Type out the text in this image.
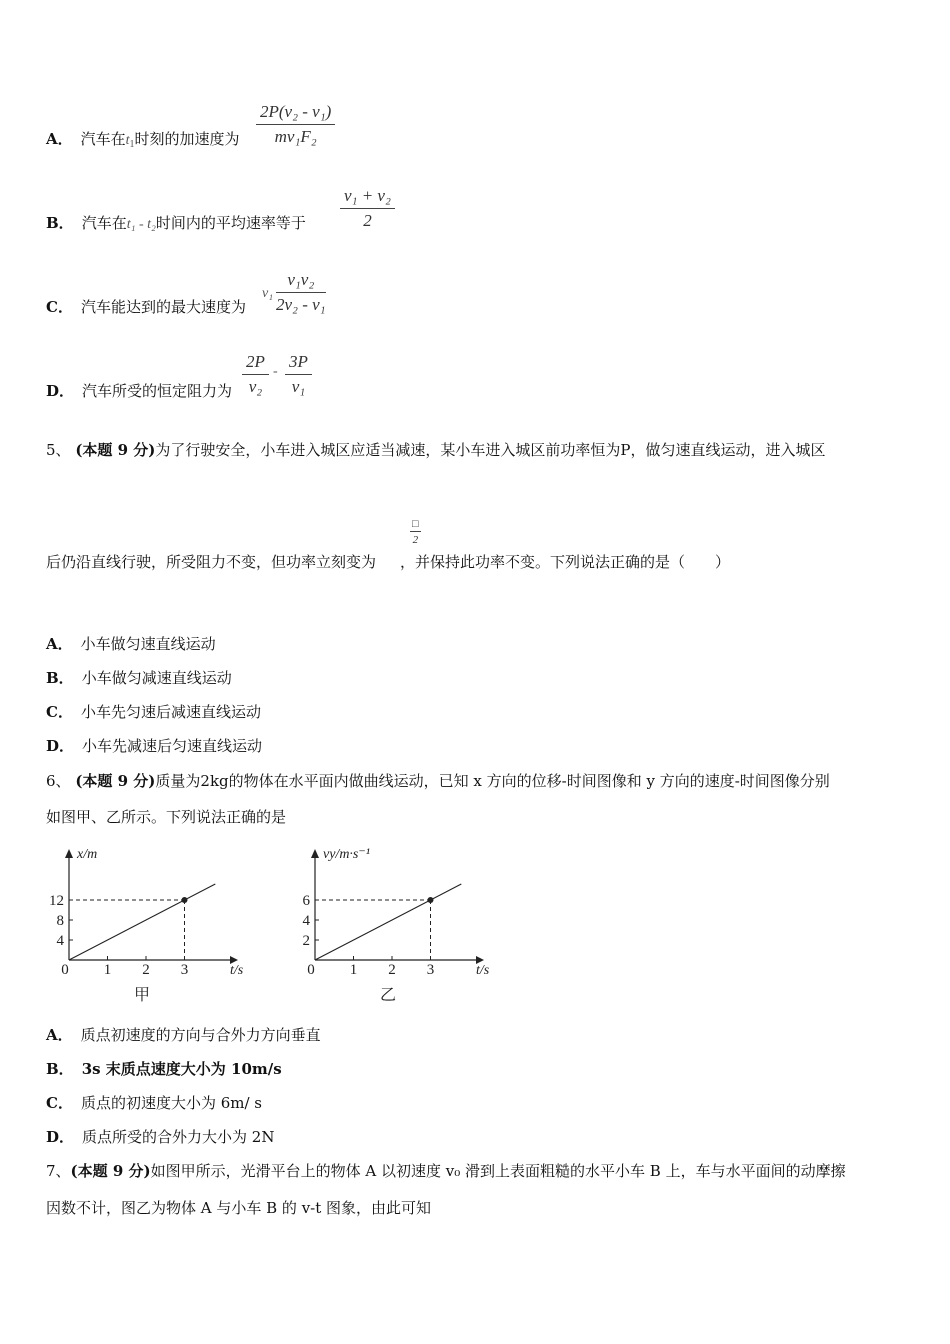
A． 汽车在$t_1$时刻的加速度为 $\frac{\text{2P(v₂ - v₁)}}{\text{mv₁F₂}}$
B． 汽车在t₁ - t₂时间内的平均速率等于 $\frac{\text{v₁ + v₂}}{2}$
C． 汽车能达到的最大速度为
$v_1 \frac{\text{v₁v₂}}{\text{2v₂ - v₁}}$
D． 汽车所受的恒定阻力为 $\frac{2P}{\text{v₂}} - \frac{3P}{\text{v₁}}$
5、 (本题 9 分)为了行驶安全，小车进入城区应适当减速，某小车进入城区前功率恒为P，做匀速直线运动，进入城区
后仍沿直线行驶，所受阻力不变，但功率立刻变为 ，并保持此功率不变。下列说法正确的是（　　）
□
2
A． 小车做匀速直线运动
B． 小车做匀减速直线运动
C． 小车先匀速后减速直线运动
D． 小车先减速后匀速直线运动
6、 (本题 9 分)质量为2kg的物体在水平面内做曲线运动，已知 x 方向的位移-时间图像和 y 方向的速度-时间图像分别
如图甲、乙所示。下列说法正确的是
x/m
t/s
0 1 2 3
4
8
12
甲
vy/m·s⁻¹
t/s
0 1 2 3
2
4
6
乙
A． 质点初速度的方向与合外力方向垂直
B． 3s 末质点速度大小为 10m/s
C． 质点的初速度大小为 6m/ s
D． 质点所受的合外力大小为 2N
7、(本题 9 分)如图甲所示，光滑平台上的物体 A 以初速度 v₀ 滑到上表面粗糙的水平小车 B 上，车与水平面间的动摩擦
因数不计，图乙为物体 A 与小车 B 的 v-t 图象，由此可知
